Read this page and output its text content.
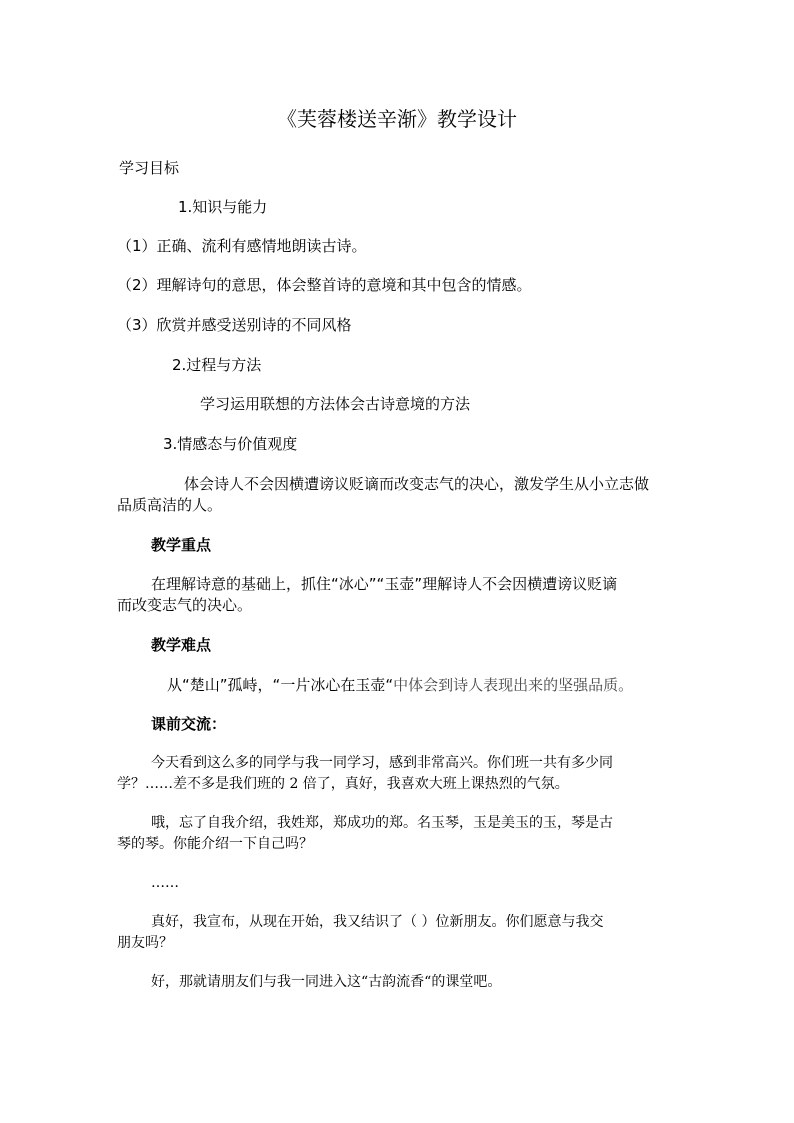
《芙蓉楼送辛渐》教学设计
学习目标
1.知识与能力
（1）正确、流利有感情地朗读古诗。
（2）理解诗句的意思，体会整首诗的意境和其中包含的情感。
（3）欣赏并感受送别诗的不同风格
2.过程与方法
学习运用联想的方法体会古诗意境的方法
3.情感态与价值观度
体会诗人不会因横遭谤议贬谪而改变志气的决心，激发学生从小立志做
品质高洁的人。
教学重点
在理解诗意的基础上，抓住“冰心”“玉壶”理解诗人不会因横遭谤议贬谪
而改变志气的决心。
教学难点
从“楚山”孤峙，“一片冰心在玉壶“中体会到诗人表现出来的坚强品质。
课前交流：
今天看到这么多的同学与我一同学习，感到非常高兴。你们班一共有多少同
学？……差不多是我们班的 2 倍了，真好，我喜欢大班上课热烈的气氛。
哦，忘了自我介绍，我姓郑，郑成功的郑。名玉琴，玉是美玉的玉，琴是古
琴的琴。你能介绍一下自己吗？
……
真好，我宣布，从现在开始，我又结识了（ ）位新朋友。你们愿意与我交
朋友吗？
好，那就请朋友们与我一同进入这“古韵流香“的课堂吧。
